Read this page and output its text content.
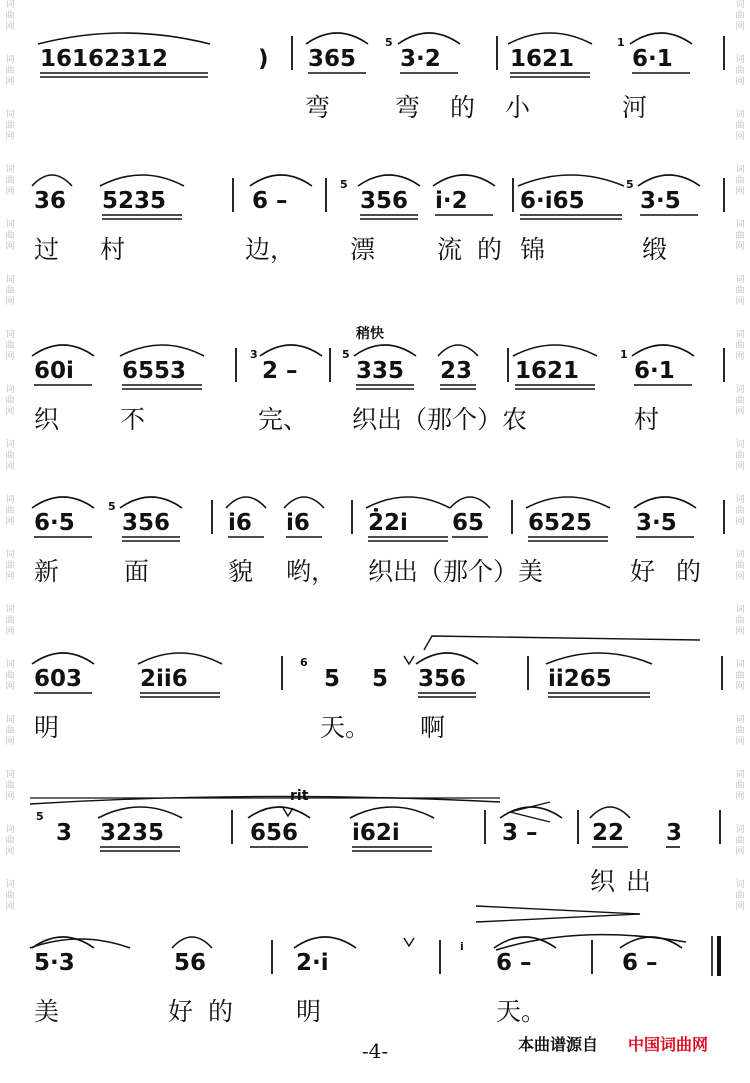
词
曲
网
词
曲
网
词
曲
网
词
曲
网
词
曲
网
词
曲
网
词
曲
网
词
曲
网
词
曲
网
词
曲
网
词
曲
网
词
曲
网
词
曲
网
词
曲
网
词
曲
网
词
曲
网
词
曲
网
词
曲
网
词
曲
网
词
曲
网
词
曲
网
词
曲
网
词
曲
网
词
曲
网
词
曲
网
词
曲
网
词
曲
网
词
曲
网
词
曲
网
词
曲
网
词
曲
网
词
曲
网
词
曲
网
词
曲
网
16162312	) 365 3·2	1621	6·1
5	1
弯	弯 的 小	河
36 5235	6 –	356 i·2 6·i65 3·5
5	5
过 村	边， 漂 流 的 锦	缎
60i 6553	2 –	335 23 1621 6·1
3	5	1
稍快
织 不	完、 织出（那个）农	村
6·5 356	i6 i6	2̇2i 65 6525 3·5
5
新	面	貌 哟， 织出（那个）美	好 的
603	2ii6	5 5 356	ii265
6
明	天。 啊
3 3235	656 i62i	3 – 22 3
5
rit
织 出
5·3	56	2·i	6 –	6 –
i
美	好 的	明	天。
-4-	本曲谱源自 中国词曲网
